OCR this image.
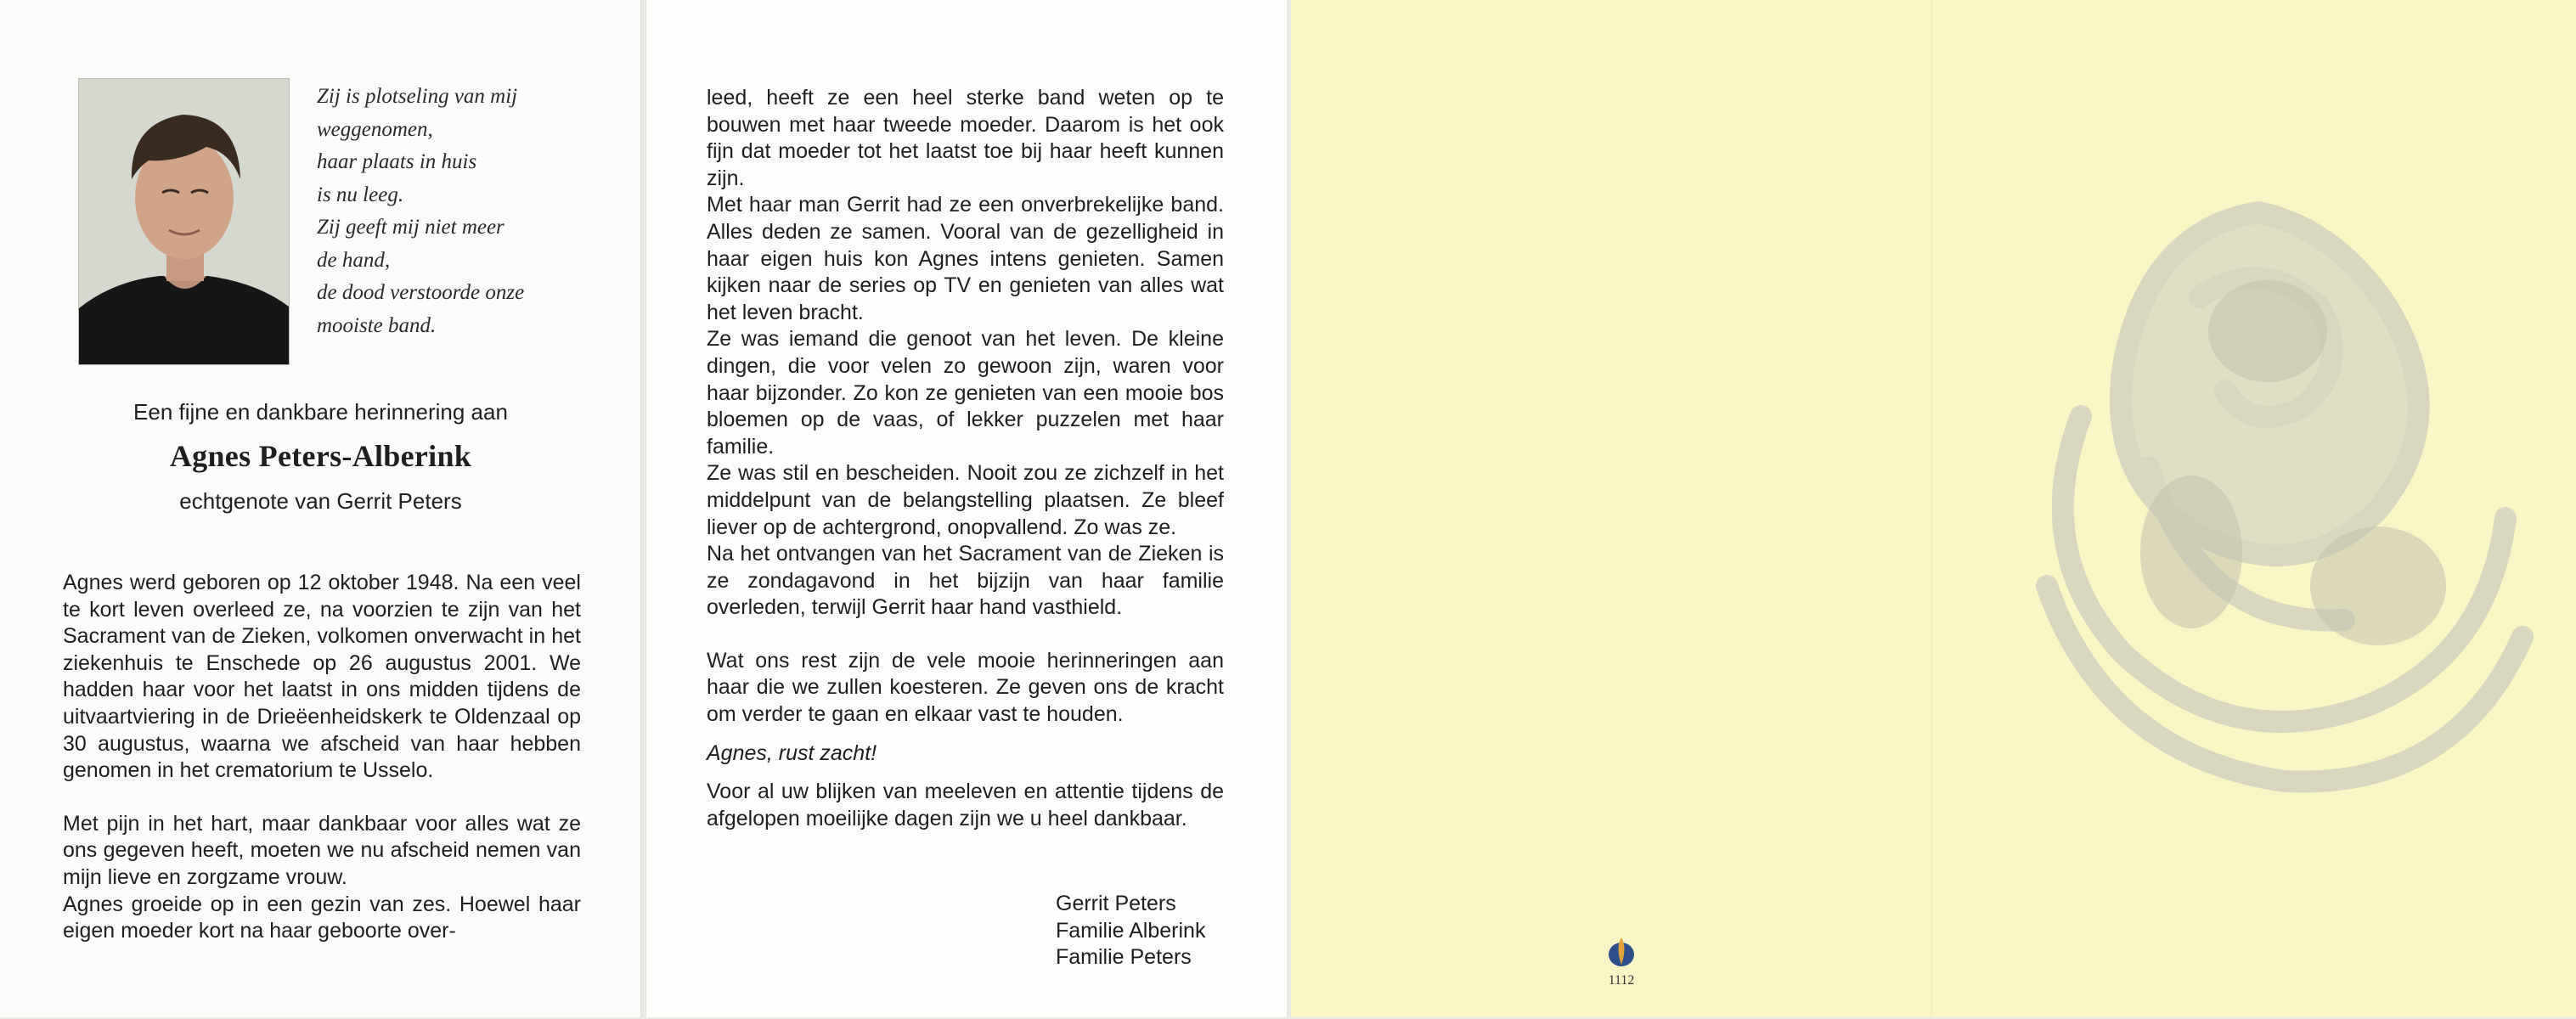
Zij is plotseling van mij
weggenomen,
haar plaats in huis
is nu leeg.
Zij geeft mij niet meer
de hand,
de dood verstoorde onze
mooiste band.
Een fijne en dankbare herinnering aan
Agnes Peters-Alberink
echtgenote van Gerrit Peters

Agnes werd geboren op 12 oktober 1948. Na een veel te kort leven overleed ze, na voorzien te zijn van het Sacrament van de Zieken, volkomen onverwacht in het ziekenhuis te Enschede op 26 augustus 2001. We hadden haar voor het laatst in ons midden tijdens de uitvaartviering in de Drieëenheidskerk te Oldenzaal op 30 augustus, waarna we afscheid van haar hebben genomen in het crematorium te Usselo.

Met pijn in het hart, maar dankbaar voor alles wat ze ons gegeven heeft, moeten we nu afscheid nemen van mijn lieve en zorgzame vrouw.

Agnes groeide op in een gezin van zes. Hoewel haar eigen moeder kort na haar geboorte over-

leed, heeft ze een heel sterke band weten op te bouwen met haar tweede moeder. Daarom is het ook fijn dat moeder tot het laatst toe bij haar heeft kunnen zijn.

Met haar man Gerrit had ze een onverbrekelijke band. Alles deden ze samen. Vooral van de gezelligheid in haar eigen huis kon Agnes intens genieten. Samen kijken naar de series op TV en genieten van alles wat het leven bracht.

Ze was iemand die genoot van het leven. De kleine dingen, die voor velen zo gewoon zijn, waren voor haar bijzonder. Zo kon ze genieten van een mooie bos bloemen op de vaas, of lekker puzzelen met haar familie.

Ze was stil en bescheiden. Nooit zou ze zichzelf in het middelpunt van de belangstelling plaatsen. Ze bleef liever op de achtergrond, onopvallend. Zo was ze.

Na het ontvangen van het Sacrament van de Zieken is ze zondagavond in het bijzijn van haar familie overleden, terwijl Gerrit haar hand vasthield.

Wat ons rest zijn de vele mooie herinneringen aan haar die we zullen koesteren. Ze geven ons de kracht om verder te gaan en elkaar vast te houden.

Agnes, rust zacht!

Voor al uw blijken van meeleven en attentie tijdens de afgelopen moeilijke dagen zijn we u heel dankbaar.

Gerrit Peters
Familie Alberink
Familie Peters
1112
